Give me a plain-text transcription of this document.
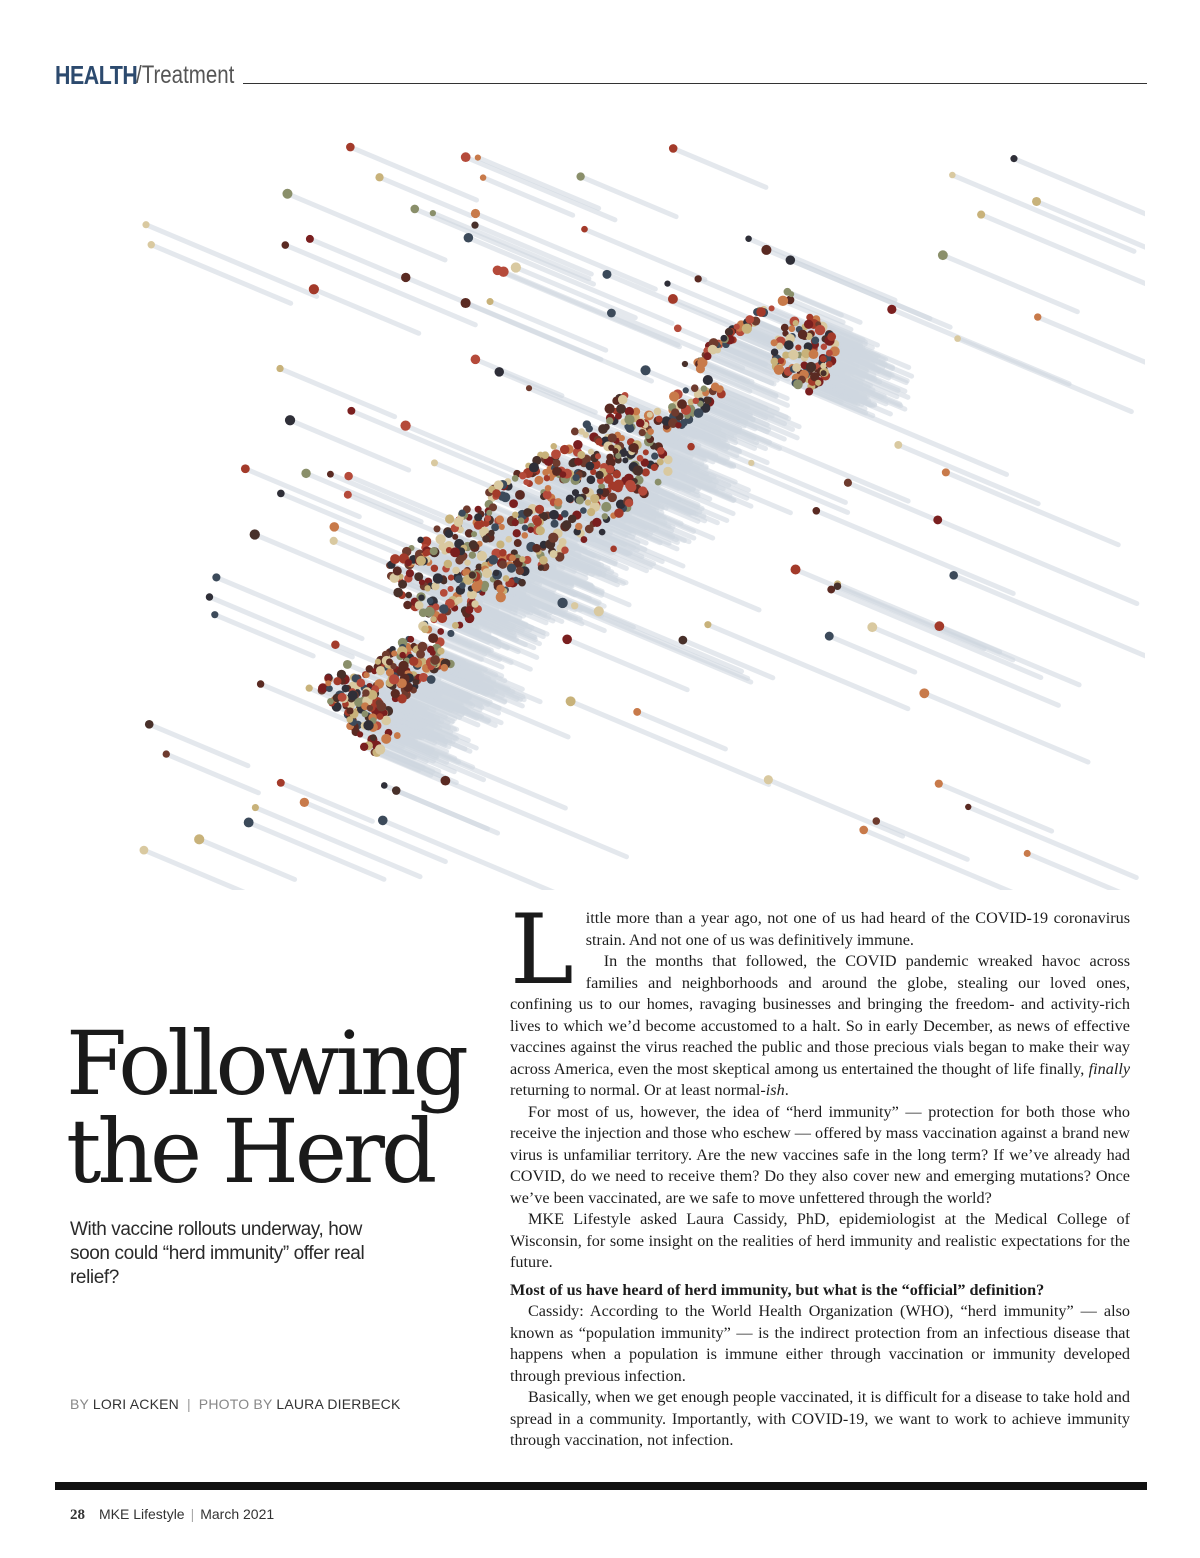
HEALTH
/Treatment
Following
the Herd
With vaccine rollouts underway, how soon could “herd immunity” offer real relief?
BY LORI ACKEN | PHOTO BY LAURA DIERBECK

Little more than a year ago, not one of us had heard of the COVID-19 coronavirus strain. And not one of us was definitively immune.

In the months that followed, the COVID pandemic wreaked havoc across families and neighborhoods and around the globe, stealing our loved ones, confining us to our homes, ravaging businesses and bringing the freedom- and activity-rich lives to which we’d become accustomed to a halt. So in early December, as news of effective vaccines against the virus reached the public and those precious vials began to make their way across America, even the most skeptical among us entertained the thought of life finally, finally returning to normal. Or at least normal-ish.

For most of us, however, the idea of “herd immunity” — protection for both those who receive the injection and those who eschew — offered by mass vaccination against a brand new virus is unfamiliar territory. Are the new vaccines safe in the long term? If we’ve already had COVID, do we need to receive them? Do they also cover new and emerging mutations? Once we’ve been vaccinated, are we safe to move unfettered through the world?

MKE Lifestyle asked Laura Cassidy, PhD, epidemiologist at the Medical College of Wisconsin, for some insight on the realities of herd immunity and realistic expectations for the future.

Most of us have heard of herd immunity, but what is the “official” definition?

Cassidy: According to the World Health Organization (WHO), “herd immunity” — also known as “population immunity” — is the indirect protection from an infectious disease that happens when a population is immune either through vaccination or immunity developed through previous infection.

Basically, when we get enough people vaccinated, it is difficult for a disease to take hold and spread in a community. Importantly, with COVID-19, we want to work to achieve immunity through vaccination, not infection.

28 MKE Lifestyle | March 2021
